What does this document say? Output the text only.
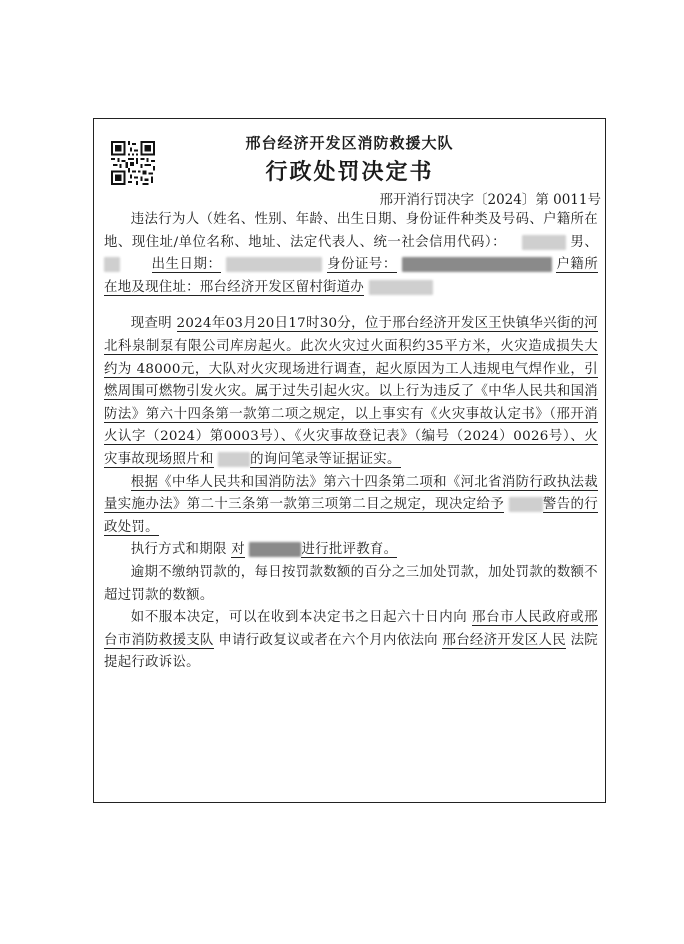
邢台经济开发区消防救援大队
行政处罚决定书
邢开消行罚决字〔2024〕第 0011号

违法行为人（姓名、性别、年龄、出生日期、身份证件种类及号码、户籍所在地、现住址/单位名称、地址、法定代表人、统一社会信用代码）：	男、   出生日期：	身份证号：	户籍所在地及现住址：邢台经济开发区留村街道办

现查明 2024年03月20日17时30分，位于邢台经济开发区王快镇华兴街的河北科泉制泵有限公司库房起火。此次火灾过火面积约35平方米，火灾造成损失大约为 48000元，大队对火灾现场进行调查，起火原因为工人违规电气焊作业，引燃周围可燃物引发火灾。属于过失引起火灾。以上行为违反了《中华人民共和国消防法》第六十四条第一款第二项之规定，以上事实有《火灾事故认定书》（邢开消火认字（2024）第0003号）、《火灾事故登记表》（编号（2024）0026号）、火灾事故现场照片和	的询问笔录等证据证实。

根据《中华人民共和国消防法》第六十四条第二项和《河北省消防行政执法裁量实施办法》第二十三条第一款第三项第二目之规定，现决定给予	警告的行政处罚。

执行方式和期限 对	进行批评教育。

逾期不缴纳罚款的，每日按罚款数额的百分之三加处罚款，加处罚款的数额不超过罚款的数额。

如不服本决定，可以在收到本决定书之日起六十日内向 邢台市人民政府或邢台市消防救援支队 申请行政复议或者在六个月内依法向 邢台经济开发区人民 法院提起行政诉讼。
